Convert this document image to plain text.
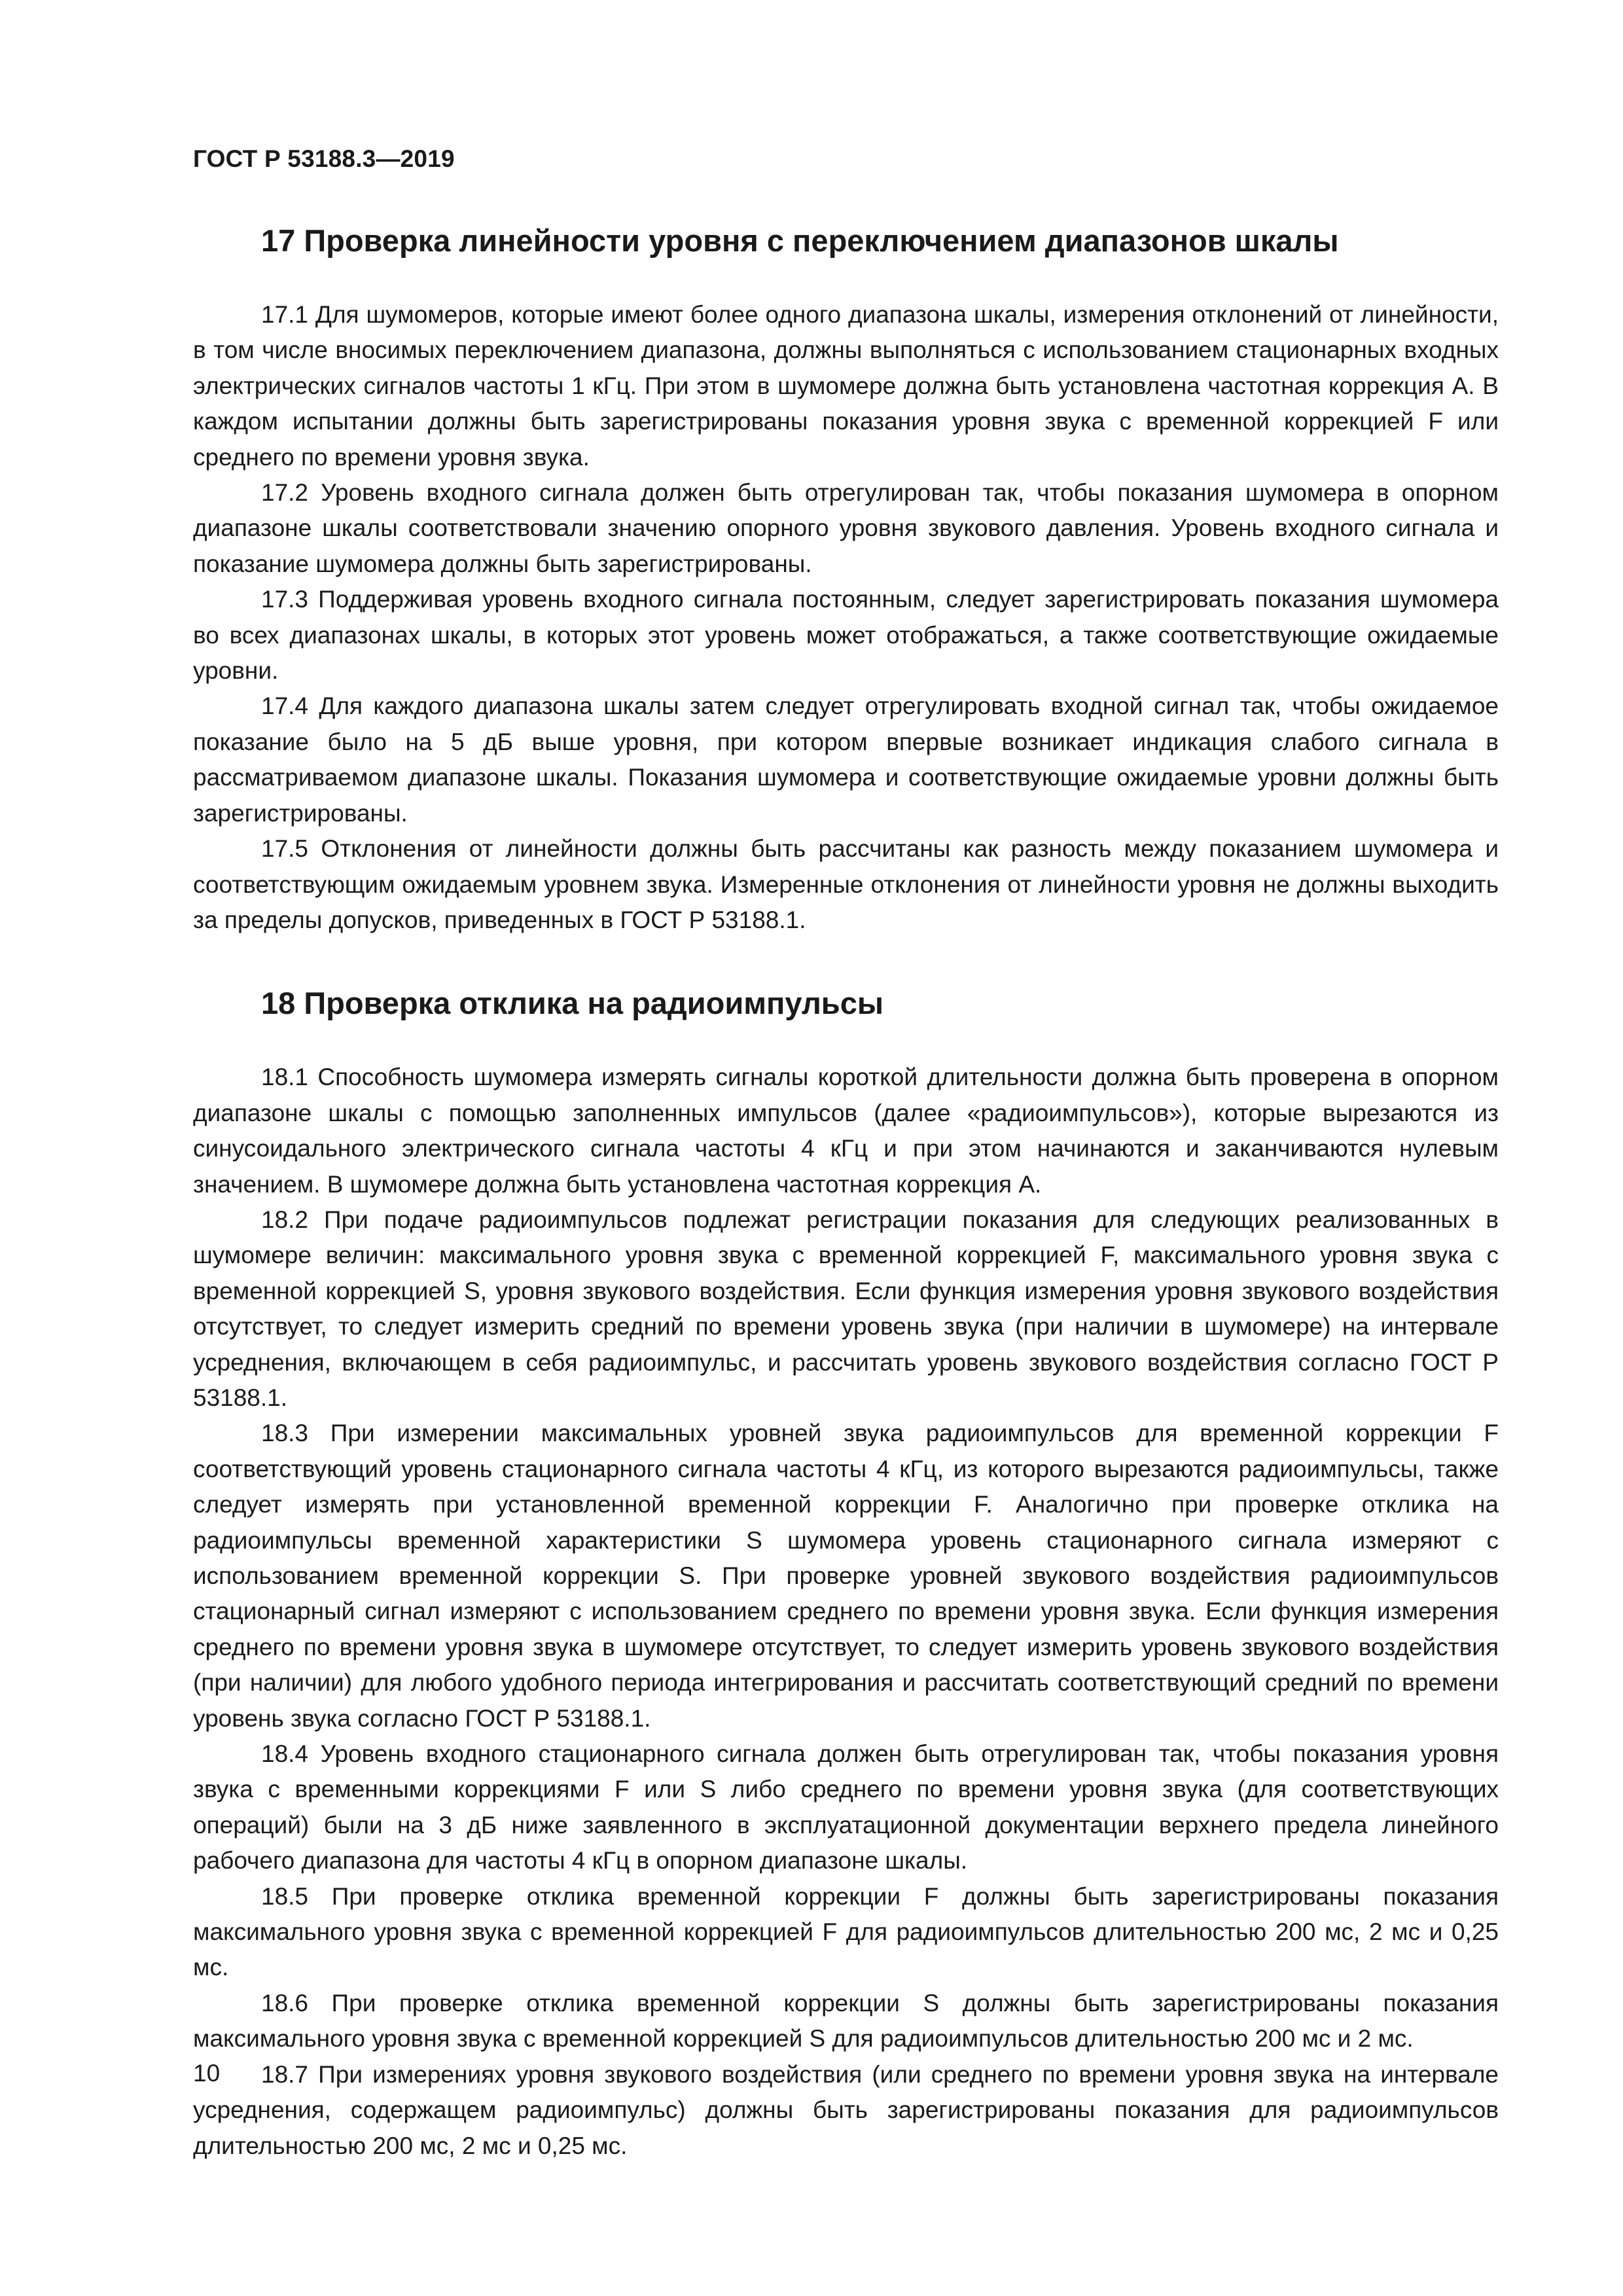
ГОСТ Р 53188.3—2019
17 Проверка линейности уровня с переключением диапазонов шкалы

17.1 Для шумомеров, которые имеют более одного диапазона шкалы, измерения отклонений от линейности, в том числе вносимых переключением диапазона, должны выполняться с использованием стационарных входных электрических сигналов частоты 1 кГц. При этом в шумомере должна быть установлена частотная коррекция А. В каждом испытании должны быть зарегистрированы показания уровня звука с временной коррекцией F или среднего по времени уровня звука.

17.2 Уровень входного сигнала должен быть отрегулирован так, чтобы показания шумомера в опорном диапазоне шкалы соответствовали значению опорного уровня звукового давления. Уровень входного сигнала и показание шумомера должны быть зарегистрированы.

17.3 Поддерживая уровень входного сигнала постоянным, следует зарегистрировать показания шумомера во всех диапазонах шкалы, в которых этот уровень может отображаться, а также соответствующие ожидаемые уровни.

17.4 Для каждого диапазона шкалы затем следует отрегулировать входной сигнал так, чтобы ожидаемое показание было на 5 дБ выше уровня, при котором впервые возникает индикация слабого сигнала в рассматриваемом диапазоне шкалы. Показания шумомера и соответствующие ожидаемые уровни должны быть зарегистрированы.

17.5 Отклонения от линейности должны быть рассчитаны как разность между показанием шумомера и соответствующим ожидаемым уровнем звука. Измеренные отклонения от линейности уровня не должны выходить за пределы допусков, приведенных в ГОСТ Р 53188.1.

18 Проверка отклика на радиоимпульсы

18.1 Способность шумомера измерять сигналы короткой длительности должна быть проверена в опорном диапазоне шкалы с помощью заполненных импульсов (далее «радиоимпульсов»), которые вырезаются из синусоидального электрического сигнала частоты 4 кГц и при этом начинаются и заканчиваются нулевым значением. В шумомере должна быть установлена частотная коррекция А.

18.2 При подаче радиоимпульсов подлежат регистрации показания для следующих реализованных в шумомере величин: максимального уровня звука с временной коррекцией F, максимального уровня звука с временной коррекцией S, уровня звукового воздействия. Если функция измерения уровня звукового воздействия отсутствует, то следует измерить средний по времени уровень звука (при наличии в шумомере) на интервале усреднения, включающем в себя радиоимпульс, и рассчитать уровень звукового воздействия согласно ГОСТ Р 53188.1.

18.3 При измерении максимальных уровней звука радиоимпульсов для временной коррекции F соответствующий уровень стационарного сигнала частоты 4 кГц, из которого вырезаются радиоимпульсы, также следует измерять при установленной временной коррекции F. Аналогично при проверке отклика на радиоимпульсы временной характеристики S шумомера уровень стационарного сигнала измеряют с использованием временной коррекции S. При проверке уровней звукового воздействия радиоимпульсов стационарный сигнал измеряют с использованием среднего по времени уровня звука. Если функция измерения среднего по времени уровня звука в шумомере отсутствует, то следует измерить уровень звукового воздействия (при наличии) для любого удобного периода интегрирования и рассчитать соответствующий средний по времени уровень звука согласно ГОСТ Р 53188.1.

18.4 Уровень входного стационарного сигнала должен быть отрегулирован так, чтобы показания уровня звука с временными коррекциями F или S либо среднего по времени уровня звука (для соответствующих операций) были на 3 дБ ниже заявленного в эксплуатационной документации верхнего предела линейного рабочего диапазона для частоты 4 кГц в опорном диапазоне шкалы.

18.5 При проверке отклика временной коррекции F должны быть зарегистрированы показания максимального уровня звука с временной коррекцией F для радиоимпульсов длительностью 200 мс, 2 мс и 0,25 мс.

18.6 При проверке отклика временной коррекции S должны быть зарегистрированы показания максимального уровня звука с временной коррекцией S для радиоимпульсов длительностью 200 мс и 2 мс.

18.7 При измерениях уровня звукового воздействия (или среднего по времени уровня звука на интервале усреднения, содержащем радиоимпульс) должны быть зарегистрированы показания для радиоимпульсов длительностью 200 мс, 2 мс и 0,25 мс.

10
